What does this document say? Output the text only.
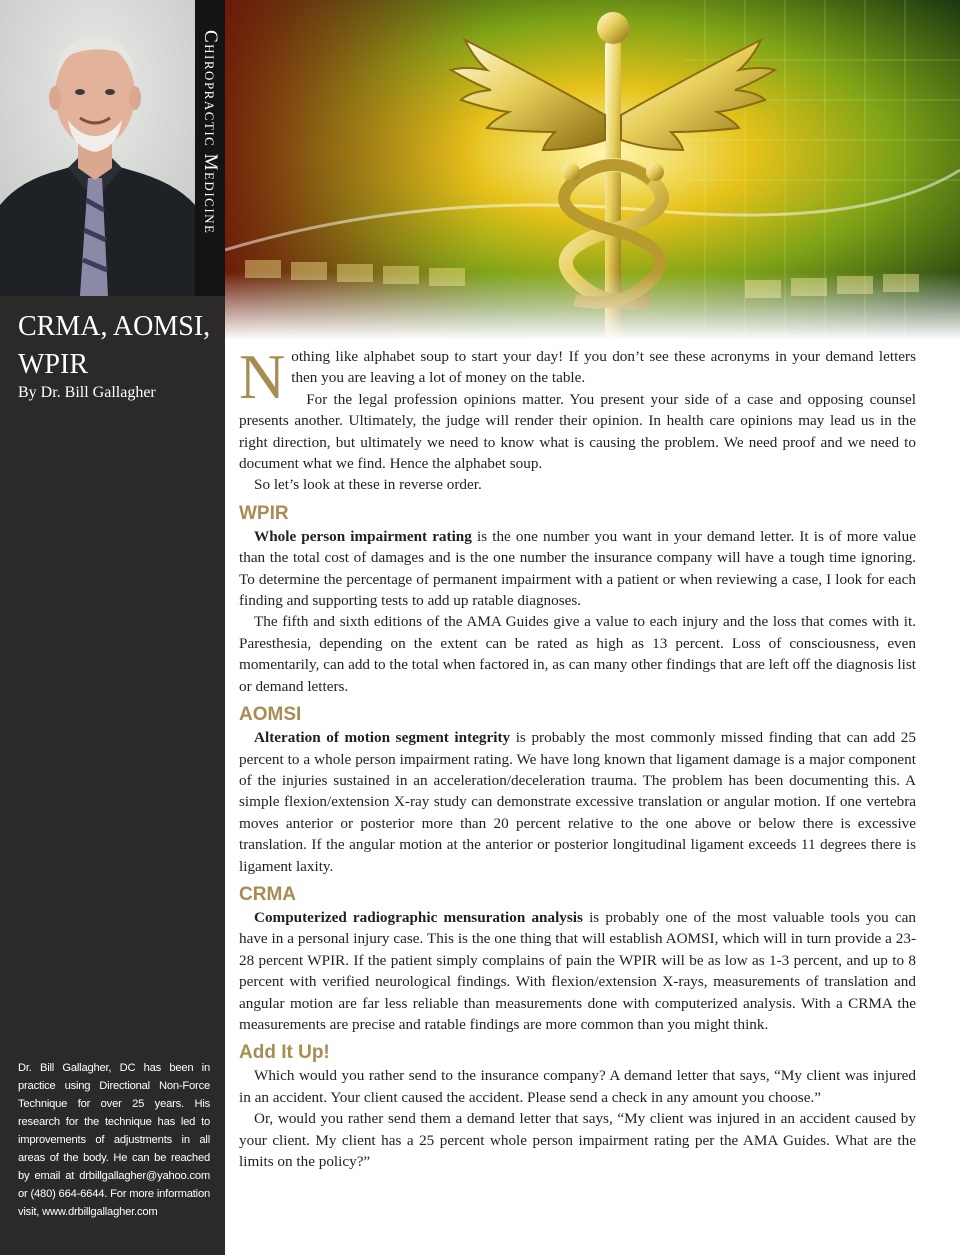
Chiropractic Medicine
CRMA, AOMSI, WPIR

By Dr. Bill Gallagher

Dr. Bill Gallagher, DC has been in practice using Directional Non-Force Technique for over 25 years. His research for the technique has led to improvements of adjustments in all areas of the body. He can be reached by email at drbillgallagher@yahoo.com or (480) 664-6644. For more information visit, www.drbillgallagher.com

Nothing like alphabet soup to start your day! If you don’t see these acronyms in your demand letters then you are leaving a lot of money on the table.

For the legal profession opinions matter. You present your side of a case and opposing counsel presents another. Ultimately, the judge will render their opinion. In health care opinions may lead us in the right direction, but ultimately we need to know what is causing the problem. We need proof and we need to document what we find. Hence the alphabet soup.

So let’s look at these in reverse order.

WPIR

Whole person impairment rating is the one number you want in your demand letter. It is of more value than the total cost of damages and is the one number the insurance company will have a tough time ignoring. To determine the percentage of permanent impairment with a patient or when reviewing a case, I look for each finding and supporting tests to add up ratable diagnoses.

The fifth and sixth editions of the AMA Guides give a value to each injury and the loss that comes with it. Paresthesia, depending on the extent can be rated as high as 13 percent. Loss of consciousness, even momentarily, can add to the total when factored in, as can many other findings that are left off the diagnosis list or demand letters.

AOMSI

Alteration of motion segment integrity is probably the most commonly missed finding that can add 25 percent to a whole person impairment rating. We have long known that ligament damage is a major component of the injuries sustained in an acceleration/deceleration trauma. The problem has been documenting this. A simple flexion/extension X-ray study can demonstrate excessive translation or angular motion. If one vertebra moves anterior or posterior more than 20 percent relative to the one above or below there is excessive translation. If the angular motion at the anterior or posterior longitudinal ligament exceeds 11 degrees there is ligament laxity.

CRMA

Computerized radiographic mensuration analysis is probably one of the most valuable tools you can have in a personal injury case. This is the one thing that will establish AOMSI, which will in turn provide a 23-28 percent WPIR. If the patient simply complains of pain the WPIR will be as low as 1-3 percent, and up to 8 percent with verified neurological findings. With flexion/extension X-rays, measurements of translation and angular motion are far less reliable than measurements done with computerized analysis. With a CRMA the measurements are precise and ratable findings are more common than you might think.

Add It Up!

Which would you rather send to the insurance company? A demand letter that says, “My client was injured in an accident. Your client caused the accident. Please send a check in any amount you choose.”

Or, would you rather send them a demand letter that says, “My client was injured in an accident caused by your client. My client has a 25 percent whole person impairment rating per the AMA Guides. What are the limits on the policy?”
